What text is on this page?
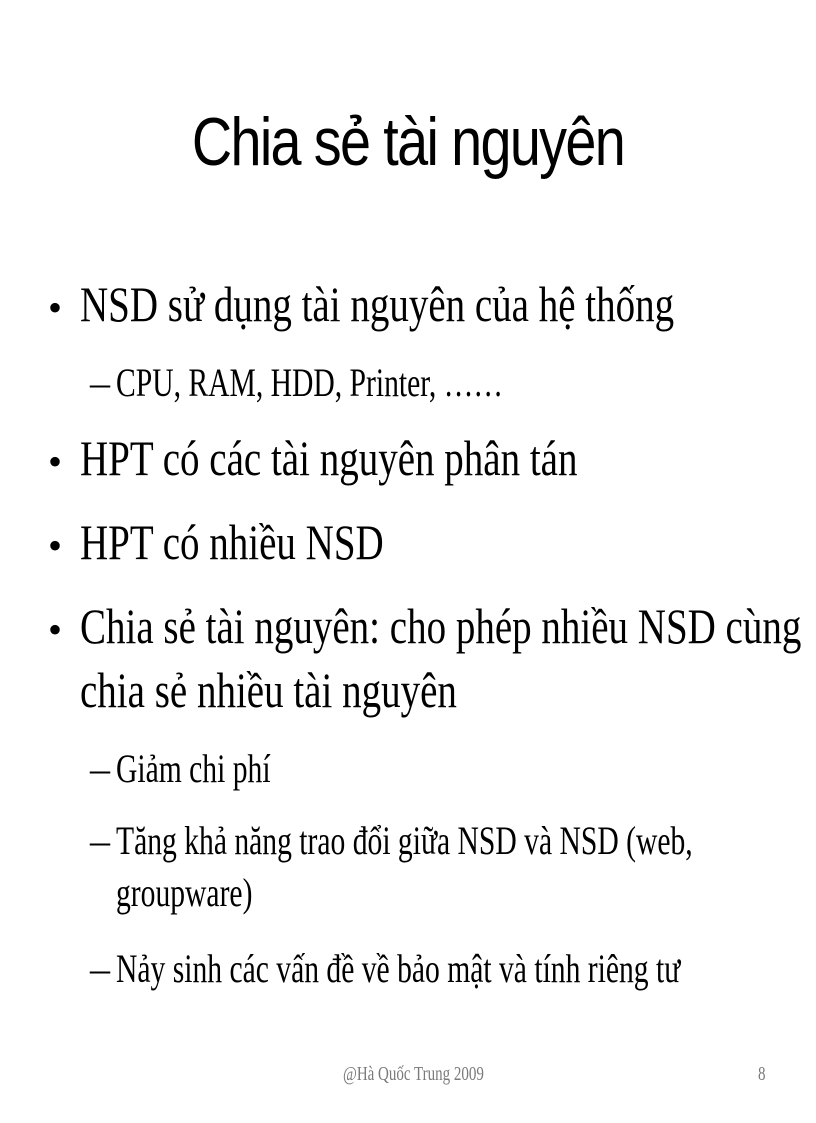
Chia sẻ tài nguyên
• NSD sử dụng tài nguyên của hệ thống
– CPU, RAM, HDD, Printer, ……
• HPT có các tài nguyên phân tán
• HPT có nhiều NSD
• Chia sẻ tài nguyên: cho phép nhiều NSD cùng
chia sẻ nhiều tài nguyên
– Giảm chi phí
– Tăng khả năng trao đổi giữa NSD và NSD (web,
groupware)
– Nảy sinh các vấn đề về bảo mật và tính riêng tư
@Hà Quốc Trung 2009	8
